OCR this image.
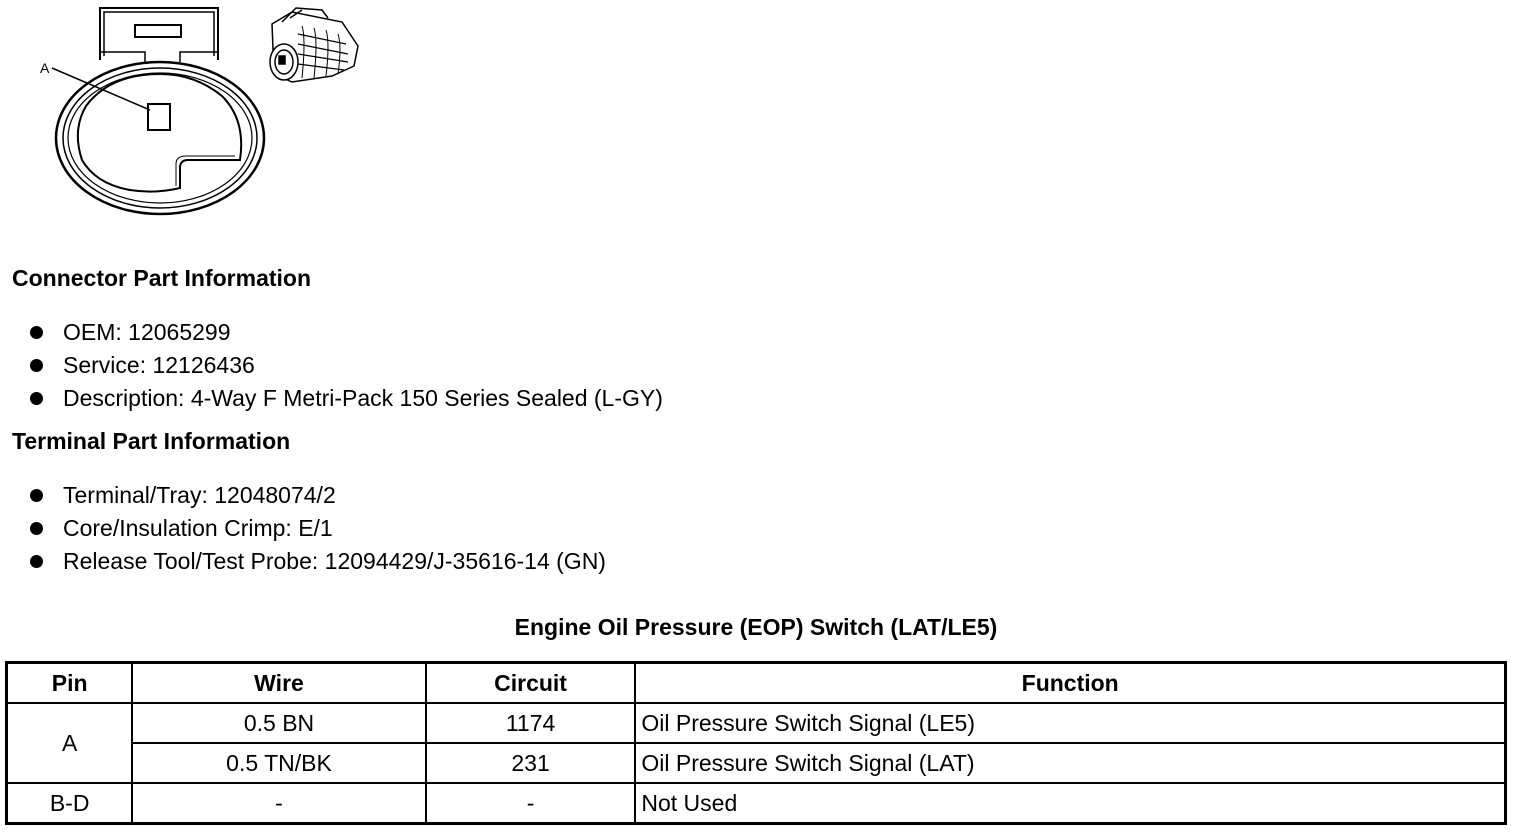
A
Connector Part Information
OEM: 12065299
Service: 12126436
Description: 4-Way F Metri-Pack 150 Series Sealed (L-GY)
Terminal Part Information
Terminal/Tray: 12048074/2
Core/Insulation Crimp: E/1
Release Tool/Test Probe: 12094429/J-35616-14 (GN)
Engine Oil Pressure (EOP) Switch (LAT/LE5)
Pin	Wire	Circuit	Function
A	0.5 BN	1174	Oil Pressure Switch Signal (LE5)
	0.5 TN/BK	231	Oil Pressure Switch Signal (LAT)
B-D	-	-	Not Used
